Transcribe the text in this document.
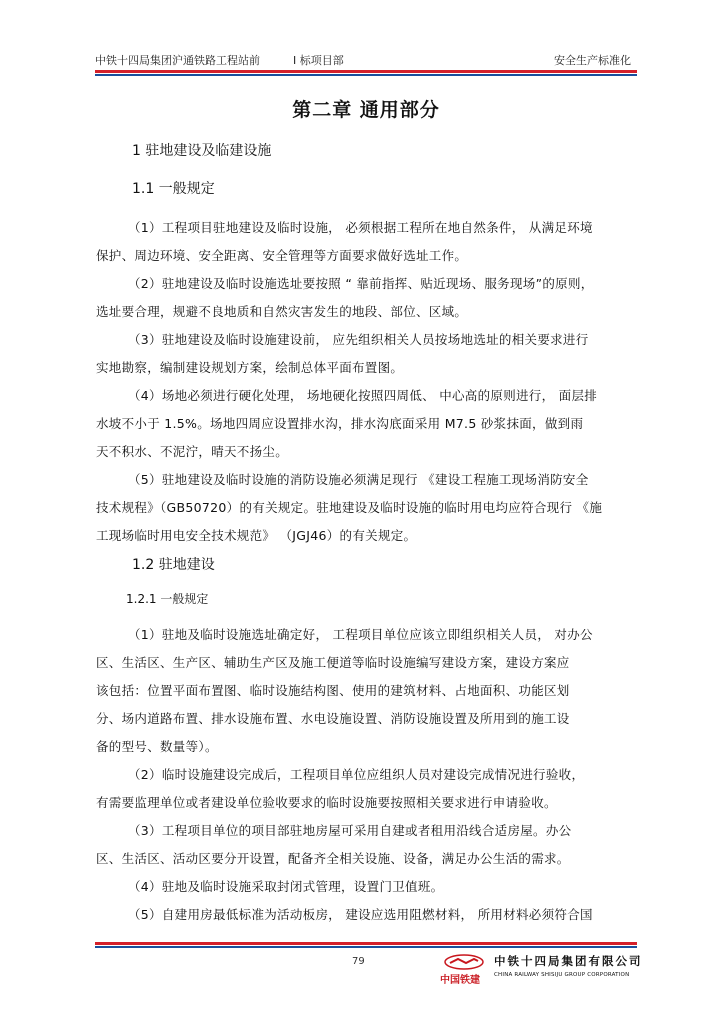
中铁十四局集团沪通铁路工程站前	Ⅰ 标项目部	安全生产标准化
第二章 通用部分
1 驻地建设及临建设施
1.1 一般规定

（1）工程项目驻地建设及临时设施， 必须根据工程所在地自然条件， 从满足环境
保护、周边环境、安全距离、安全管理等方面要求做好选址工作。

（2）驻地建设及临时设施选址要按照 “ 靠前指挥、贴近现场、服务现场”的原则，
选址要合理，规避不良地质和自然灾害发生的地段、部位、区域。

（3）驻地建设及临时设施建设前， 应先组织相关人员按场地选址的相关要求进行
实地勘察，编制建设规划方案，绘制总体平面布置图。

（4）场地必须进行硬化处理， 场地硬化按照四周低、 中心高的原则进行， 面层排
水坡不小于 1.5%。场地四周应设置排水沟，排水沟底面采用 M7.5 砂浆抹面，做到雨
天不积水、不泥泞，晴天不扬尘。

（5）驻地建设及临时设施的消防设施必须满足现行 《建设工程施工现场消防安全
技术规程》（GB50720）的有关规定。驻地建设及临时设施的临时用电均应符合现行 《施
工现场临时用电安全技术规范》 （JGJ46）的有关规定。

1.2 驻地建设
1.2.1 一般规定

（1）驻地及临时设施选址确定好， 工程项目单位应该立即组织相关人员， 对办公
区、生活区、生产区、辅助生产区及施工便道等临时设施编写建设方案，建设方案应
该包括：位置平面布置图、临时设施结构图、使用的建筑材料、占地面积、功能区划
分、场内道路布置、排水设施布置、水电设施设置、消防设施设置及所用到的施工设
备的型号、数量等）。

（2）临时设施建设完成后，工程项目单位应组织人员对建设完成情况进行验收，
有需要监理单位或者建设单位验收要求的临时设施要按照相关要求进行申请验收。

（3）工程项目单位的项目部驻地房屋可采用自建或者租用沿线合适房屋。办公
区、生活区、活动区要分开设置，配备齐全相关设施、设备，满足办公生活的需求。

（4）驻地及临时设施采取封闭式管理，设置门卫值班。

（5）自建用房最低标准为活动板房， 建设应选用阻燃材料， 所用材料必须符合国

79
中国铁建
中铁十四局集团有限公司
CHINA RAILWAY SHISIJU GROUP CORPORATION
